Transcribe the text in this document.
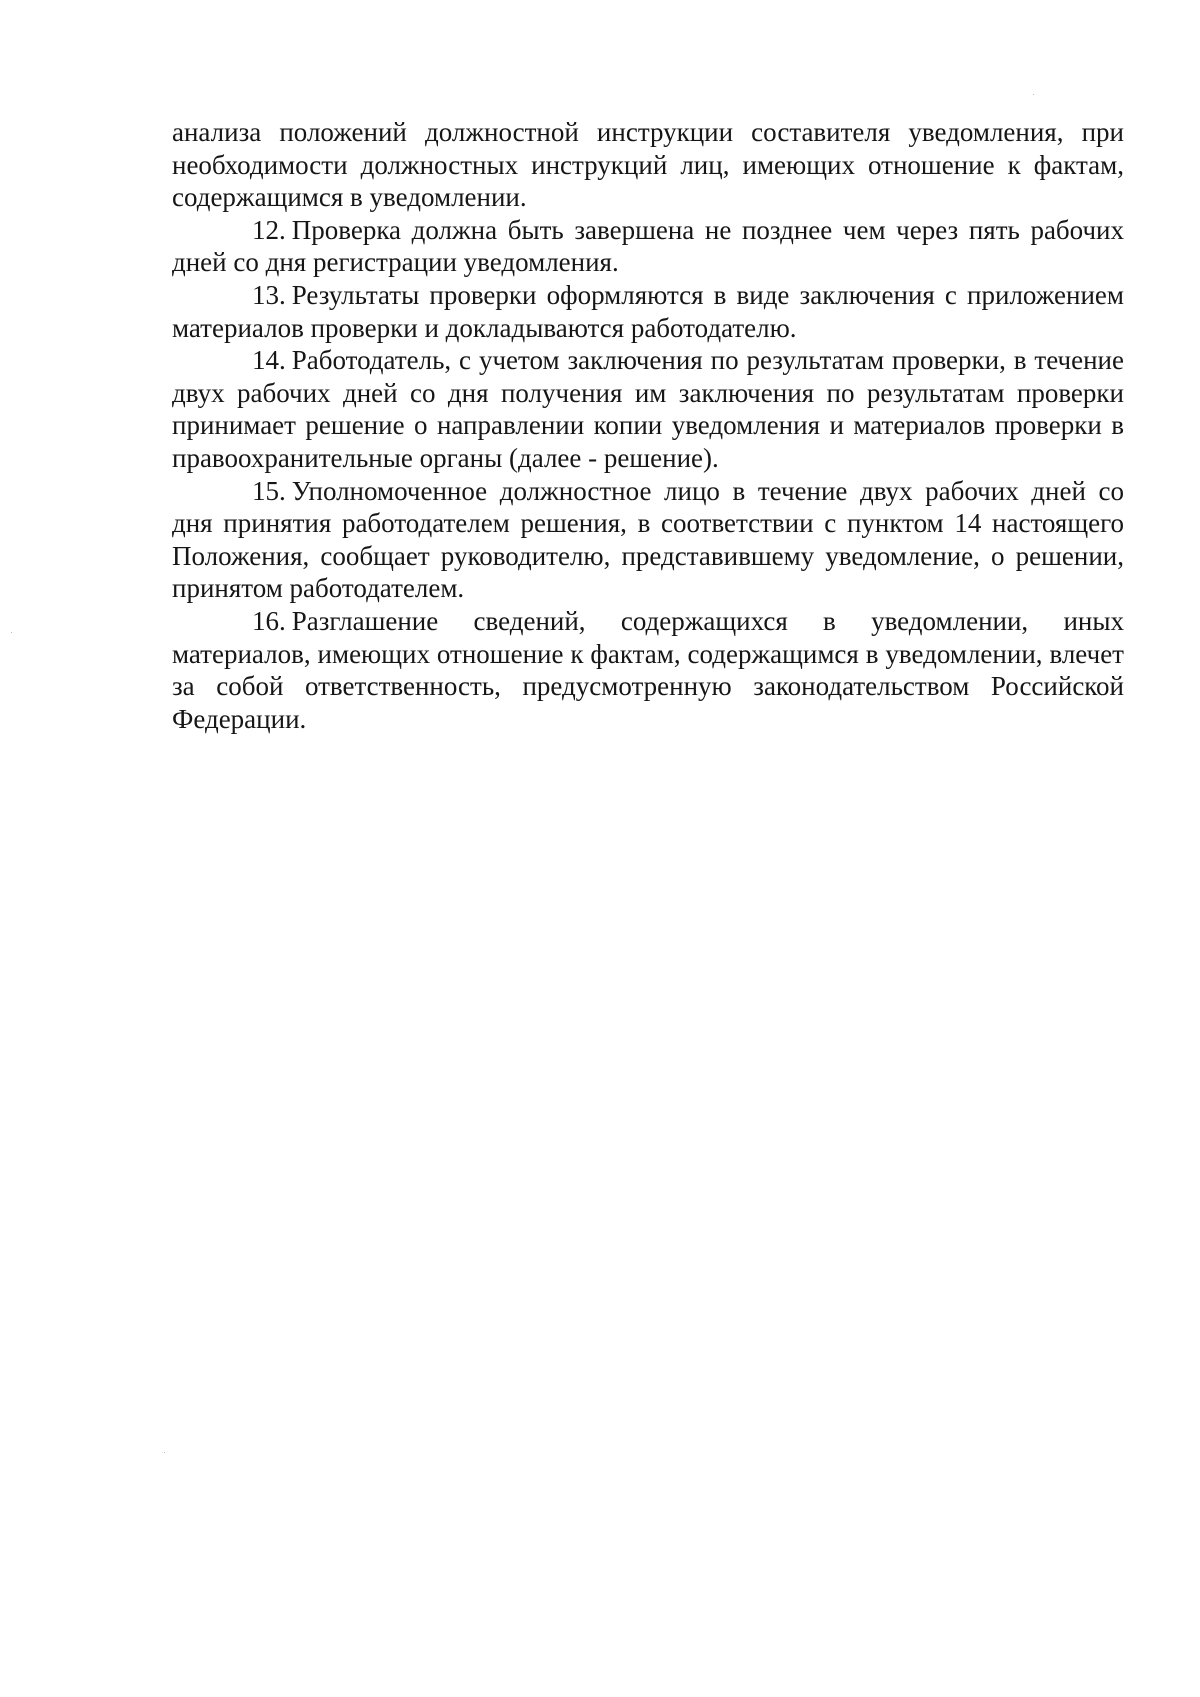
анализа положений должностной инструкции составителя уведомления, при необходимости должностных инструкций лиц, имеющих отношение к фактам, содержащимся в уведомлении.

12. Проверка должна быть завершена не позднее чем через пять рабочих дней со дня регистрации уведомления.

13. Результаты проверки оформляются в виде заключения с приложением материалов проверки и докладываются работодателю.

14. Работодатель, с учетом заключения по результатам проверки, в течение двух рабочих дней со дня получения им заключения по результатам проверки принимает решение о направлении копии уведомления и материалов проверки в правоохранительные органы (далее - решение).

15. Уполномоченное должностное лицо в течение двух рабочих дней со дня принятия работодателем решения, в соответствии с пунктом 14 настоящего Положения, сообщает руководителю, представившему уведомление, о решении, принятом работодателем.

16. Разглашение сведений, содержащихся в уведомлении, иных материалов, имеющих отношение к фактам, содержащимся в уведомлении, влечет за собой ответственность, предусмотренную законодательством Российской Федерации.
